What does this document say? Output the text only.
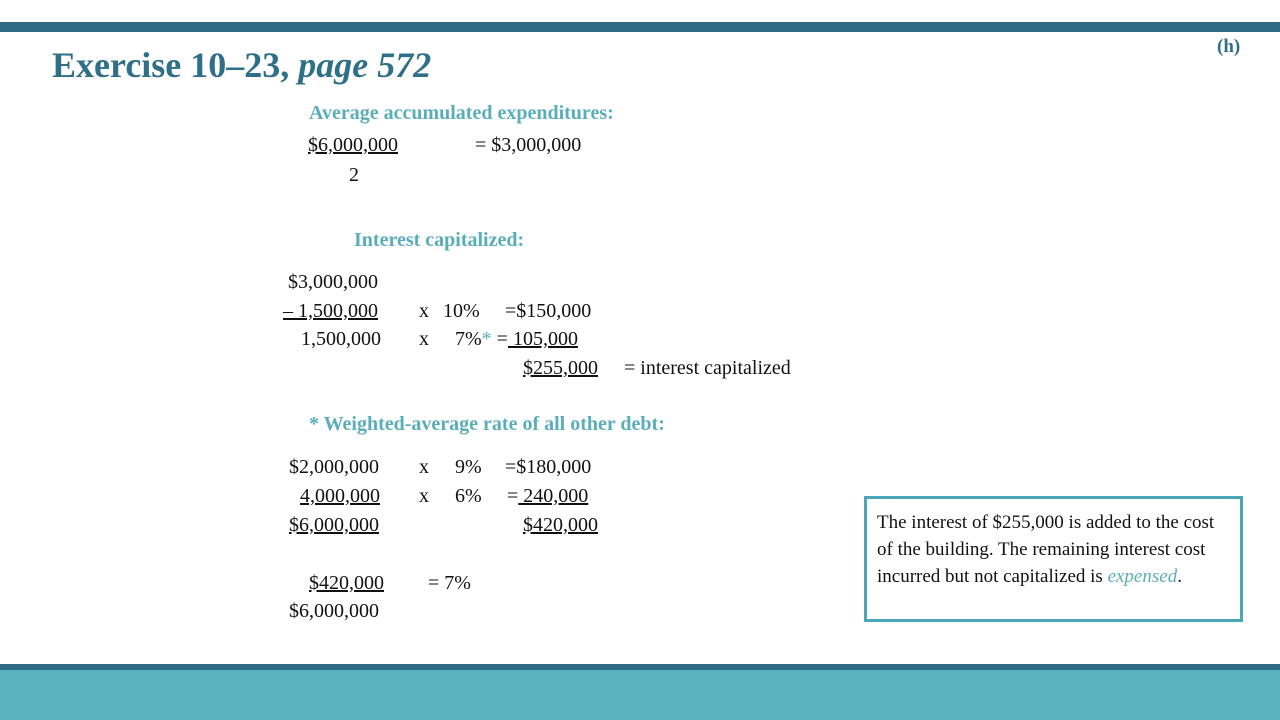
Exercise 10–23, page 572	(h)
Average accumulated expenditures:
$6,000,000	= $3,000,000
2
Interest capitalized:
$3,000,000
– 1,500,000 x 10% =$150,000
1,500,000 x 7%* = 105,000
$255,000 = interest capitalized
* Weighted-average rate of all other debt:
$2,000,000 x 9% =$180,000
4,000,000 x 6% = 240,000
$6,000,000	$420,000
$420,000	= 7%
$6,000,000
The interest of $255,000 is added to the cost of the building. The remaining interest cost incurred but not capitalized is expensed.
